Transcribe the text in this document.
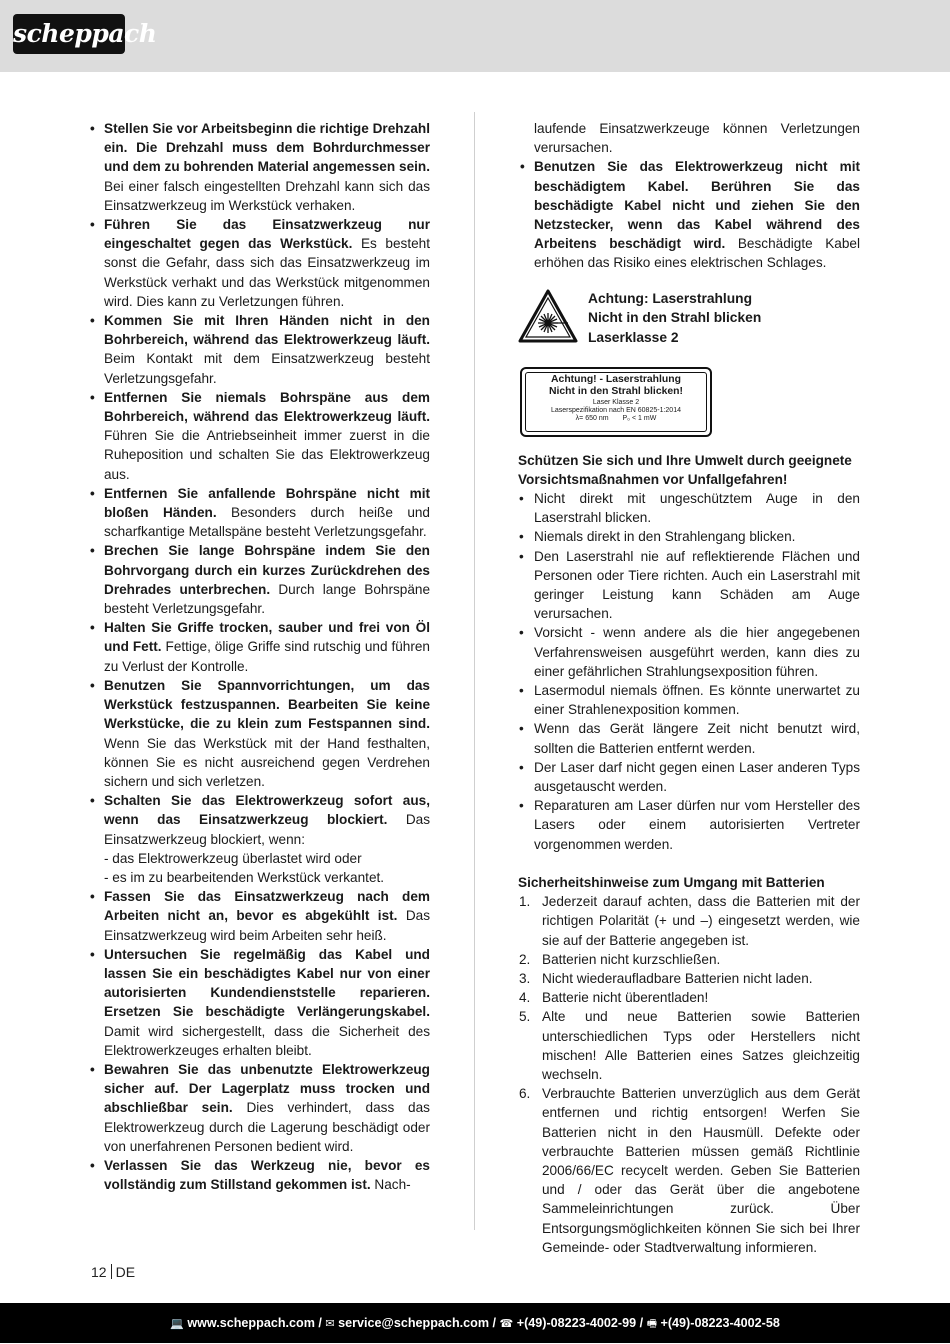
scheppach
• Stellen Sie vor Arbeitsbeginn die richtige Drehzahl ein. Die Drehzahl muss dem Bohrdurchmesser und dem zu bohrenden Material angemessen sein. Bei einer falsch eingestellten Drehzahl kann sich das Einsatzwerkzeug im Werkstück verhaken.
• Führen Sie das Einsatzwerkzeug nur eingeschaltet gegen das Werkstück. Es besteht sonst die Gefahr, dass sich das Einsatzwerkzeug im Werkstück verhakt und das Werkstück mitgenommen wird. Dies kann zu Verletzungen führen.
• Kommen Sie mit Ihren Händen nicht in den Bohrbereich, während das Elektrowerkzeug läuft. Beim Kontakt mit dem Einsatzwerkzeug besteht Verletzungsgefahr.
• Entfernen Sie niemals Bohrspäne aus dem Bohrbereich, während das Elektrowerkzeug läuft. Führen Sie die Antriebseinheit immer zuerst in die Ruheposition und schalten Sie das Elektrowerkzeug aus.
• Entfernen Sie anfallende Bohrspäne nicht mit bloßen Händen. Besonders durch heiße und scharfkantige Metallspäne besteht Verletzungsgefahr.
• Brechen Sie lange Bohrspäne indem Sie den Bohrvorgang durch ein kurzes Zurückdrehen des Drehrades unterbrechen. Durch lange Bohrspäne besteht Verletzungsgefahr.
• Halten Sie Griffe trocken, sauber und frei von Öl und Fett. Fettige, ölige Griffe sind rutschig und führen zu Verlust der Kontrolle.
• Benutzen Sie Spannvorrichtungen, um das Werkstück festzuspannen. Bearbeiten Sie keine Werkstücke, die zu klein zum Festspannen sind. Wenn Sie das Werkstück mit der Hand festhalten, können Sie es nicht ausreichend gegen Verdrehen sichern und sich verletzen.
• Schalten Sie das Elektrowerkzeug sofort aus, wenn das Einsatzwerkzeug blockiert. Das Einsatzwerkzeug blockiert, wenn:
- das Elektrowerkzeug überlastet wird oder
- es im zu bearbeitenden Werkstück verkantet.
• Fassen Sie das Einsatzwerkzeug nach dem Arbeiten nicht an, bevor es abgekühlt ist. Das Einsatzwerkzeug wird beim Arbeiten sehr heiß.
• Untersuchen Sie regelmäßig das Kabel und lassen Sie ein beschädigtes Kabel nur von einer autorisierten Kundendienststelle reparieren. Ersetzen Sie beschädigte Verlängerungskabel. Damit wird sichergestellt, dass die Sicherheit des Elektrowerkzeuges erhalten bleibt.
• Bewahren Sie das unbenutzte Elektrowerkzeug sicher auf. Der Lagerplatz muss trocken und abschließbar sein. Dies verhindert, dass das Elektrowerkzeug durch die Lagerung beschädigt oder von unerfahrenen Personen bedient wird.
• Verlassen Sie das Werkzeug nie, bevor es vollständig zum Stillstand gekommen ist. Nach-
laufende Einsatzwerkzeuge können Verletzungen verursachen.
• Benutzen Sie das Elektrowerkzeug nicht mit beschädigtem Kabel. Berühren Sie das beschädigte Kabel nicht und ziehen Sie den Netzstecker, wenn das Kabel während des Arbeitens beschädigt wird. Beschädigte Kabel erhöhen das Risiko eines elektrischen Schlages.
Achtung: Laserstrahlung
Nicht in den Strahl blicken
Laserklasse 2
Achtung! - Laserstrahlung
Nicht in den Strahl blicken!
Laser Klasse 2
Laserspezifikation nach EN 60825-1:2014
λ= 650 nm P₀ < 1 mW
Schützen Sie sich und Ihre Umwelt durch geeignete Vorsichtsmaßnahmen vor Unfallgefahren!
• Nicht direkt mit ungeschütztem Auge in den Laserstrahl blicken.
• Niemals direkt in den Strahlengang blicken.
• Den Laserstrahl nie auf reflektierende Flächen und Personen oder Tiere richten. Auch ein Laserstrahl mit geringer Leistung kann Schäden am Auge verursachen.
• Vorsicht - wenn andere als die hier angegebenen Verfahrensweisen ausgeführt werden, kann dies zu einer gefährlichen Strahlungsexposition führen.
• Lasermodul niemals öffnen. Es könnte unerwartet zu einer Strahlenexposition kommen.
• Wenn das Gerät längere Zeit nicht benutzt wird, sollten die Batterien entfernt werden.
• Der Laser darf nicht gegen einen Laser anderen Typs ausgetauscht werden.
• Reparaturen am Laser dürfen nur vom Hersteller des Lasers oder einem autorisierten Vertreter vorgenommen werden.
Sicherheitshinweise zum Umgang mit Batterien
1. Jederzeit darauf achten, dass die Batterien mit der richtigen Polarität (+ und –) eingesetzt werden, wie sie auf der Batterie angegeben ist.
2. Batterien nicht kurzschließen.
3. Nicht wiederaufladbare Batterien nicht laden.
4. Batterie nicht überentladen!
5. Alte und neue Batterien sowie Batterien unterschiedlichen Typs oder Herstellers nicht mischen! Alle Batterien eines Satzes gleichzeitig wechseln.
6. Verbrauchte Batterien unverzüglich aus dem Gerät entfernen und richtig entsorgen! Werfen Sie Batterien nicht in den Hausmüll. Defekte oder verbrauchte Batterien müssen gemäß Richtlinie 2006/66/EC recycelt werden. Geben Sie Batterien und / oder das Gerät über die angebotene Sammeleinrichtungen zurück. Über Entsorgungsmöglichkeiten können Sie sich bei Ihrer Gemeinde- oder Stadtverwaltung informieren.
12 DE
💻 www.scheppach.com / ✉ service@scheppach.com / ☎ +(49)-08223-4002-99 / 🖷 +(49)-08223-4002-58
